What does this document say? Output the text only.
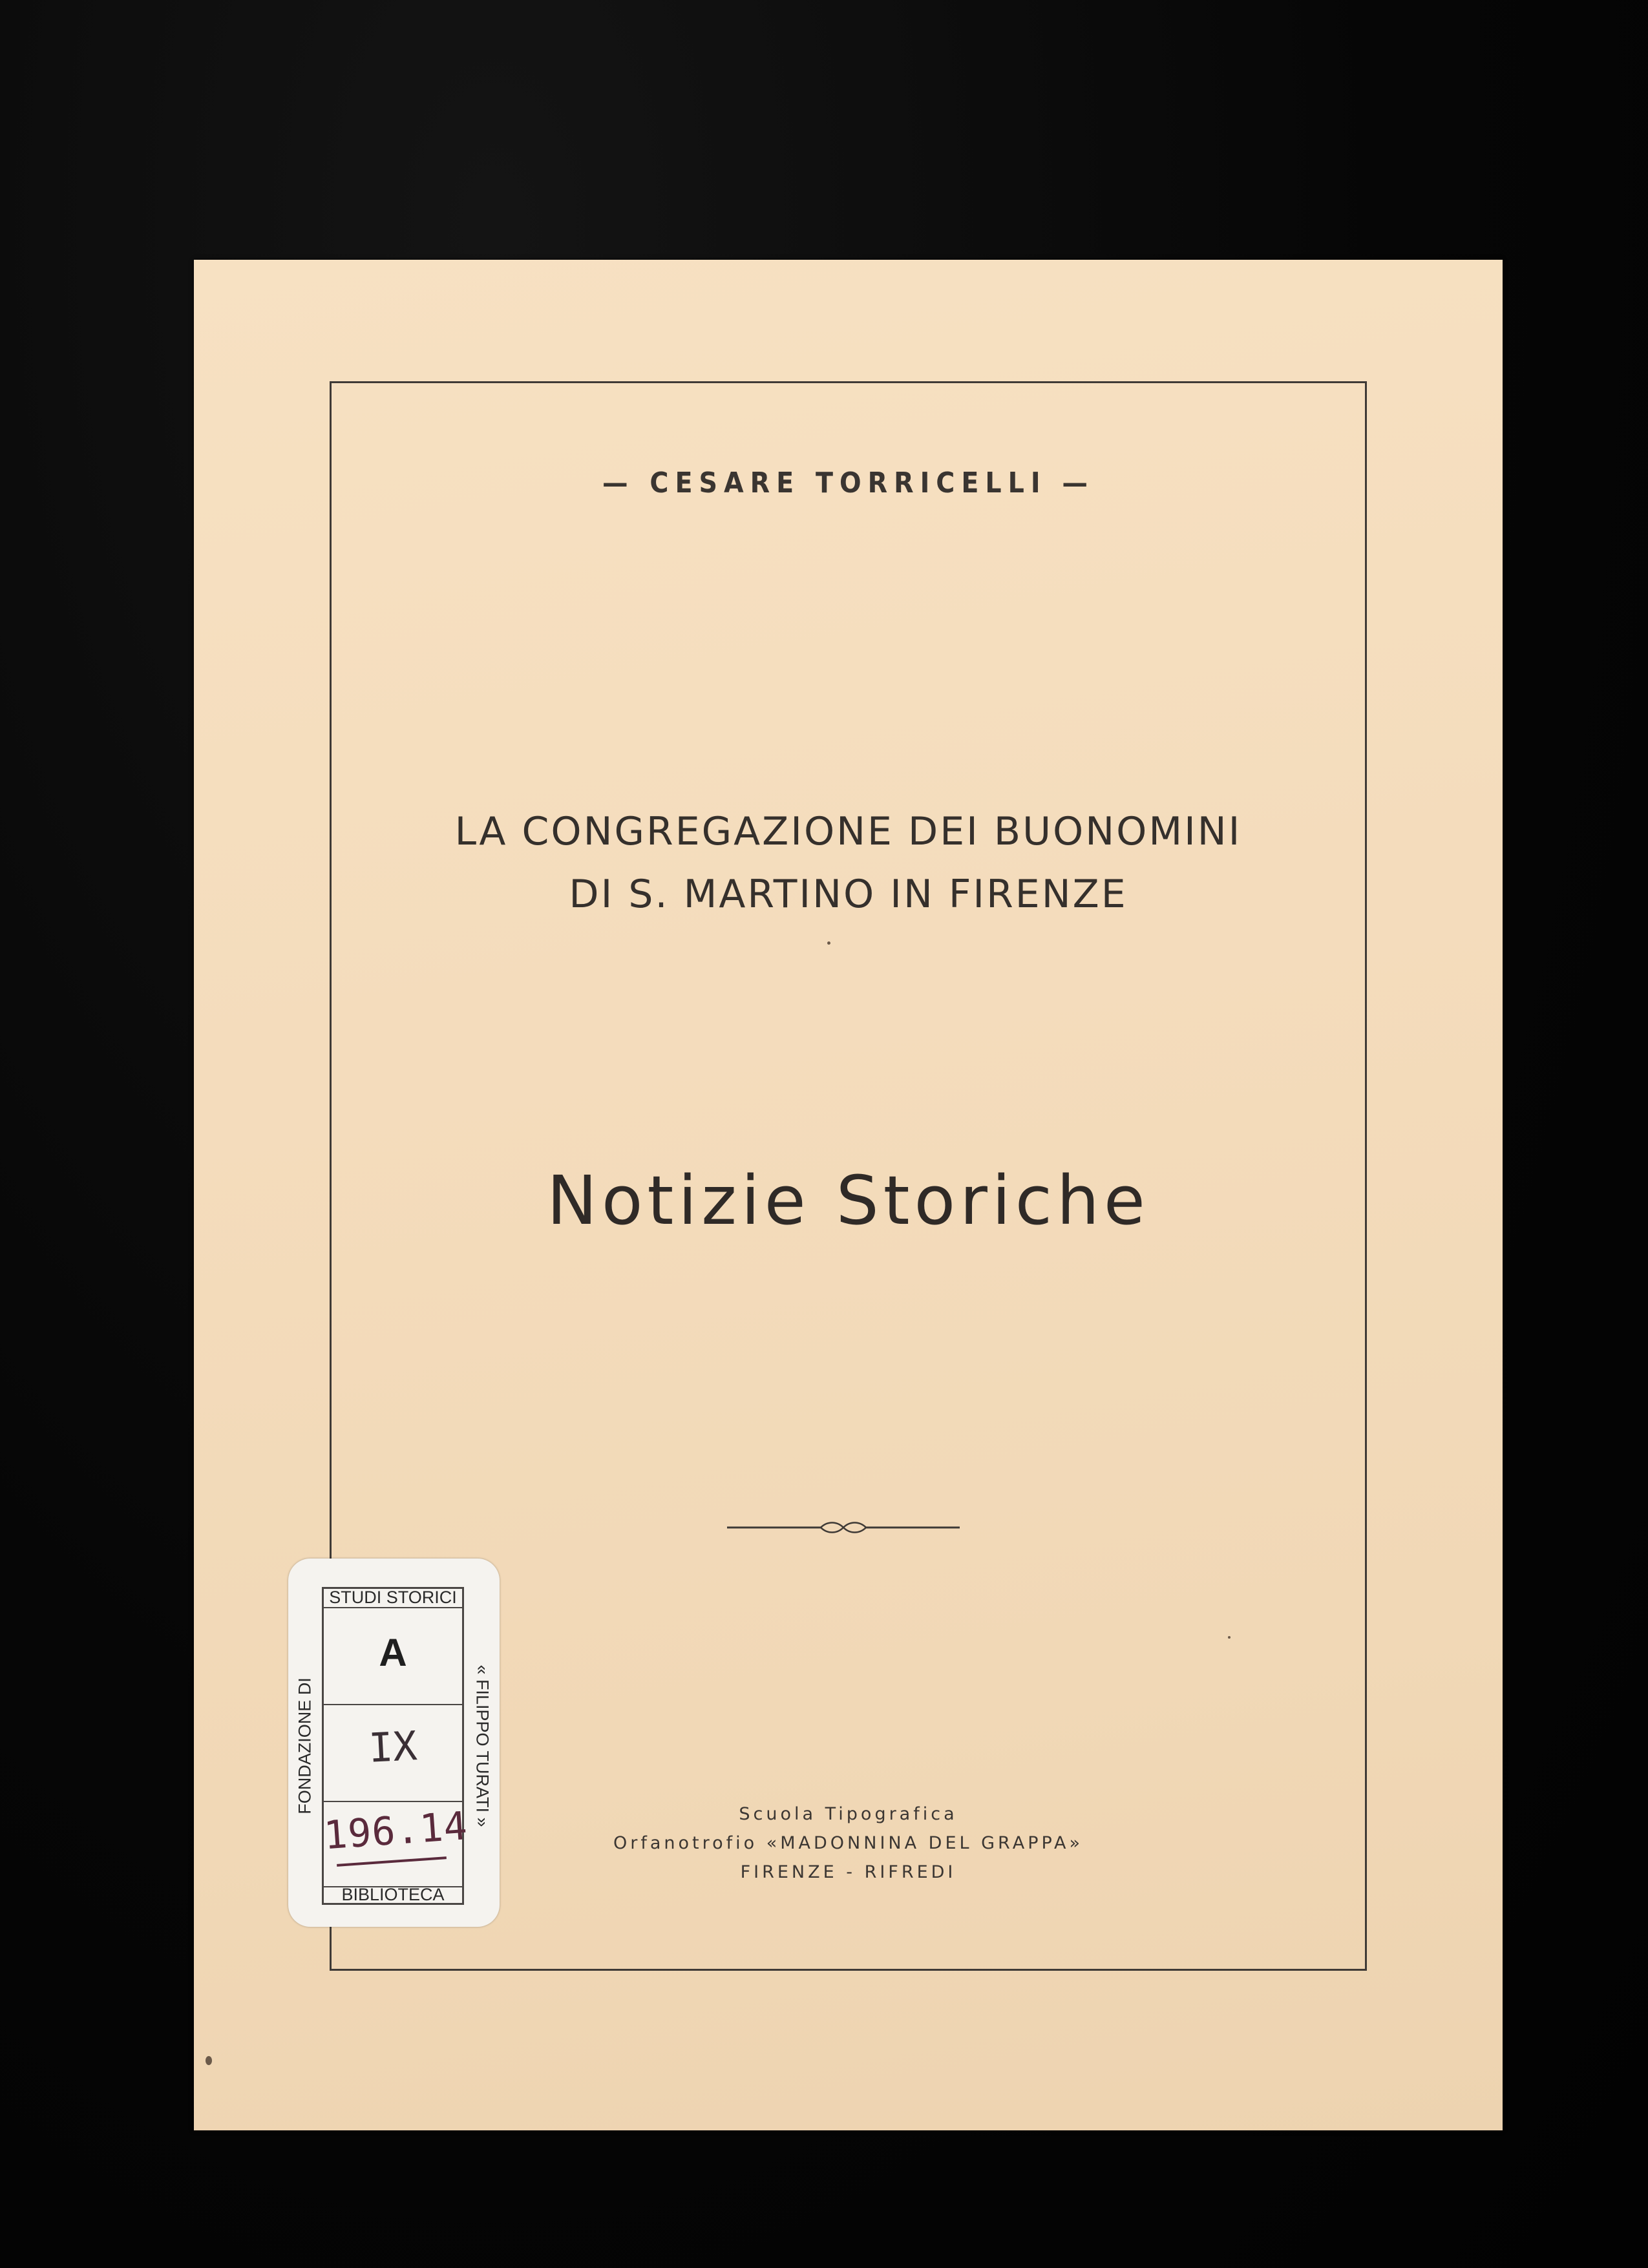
— CESARE TORRICELLI —
LA CONGREGAZIONE DEI BUONOMINI
DI S. MARTINO IN FIRENZE
Notizie Storiche
Scuola Tipografica
Orfanotrofio «MADONNINA DEL GRAPPA»
FIRENZE - RIFREDI
STUDI STORICI
A
IX
196.14
BIBLIOTECA
FONDAZIONE DI	« FILIPPO TURATI »
